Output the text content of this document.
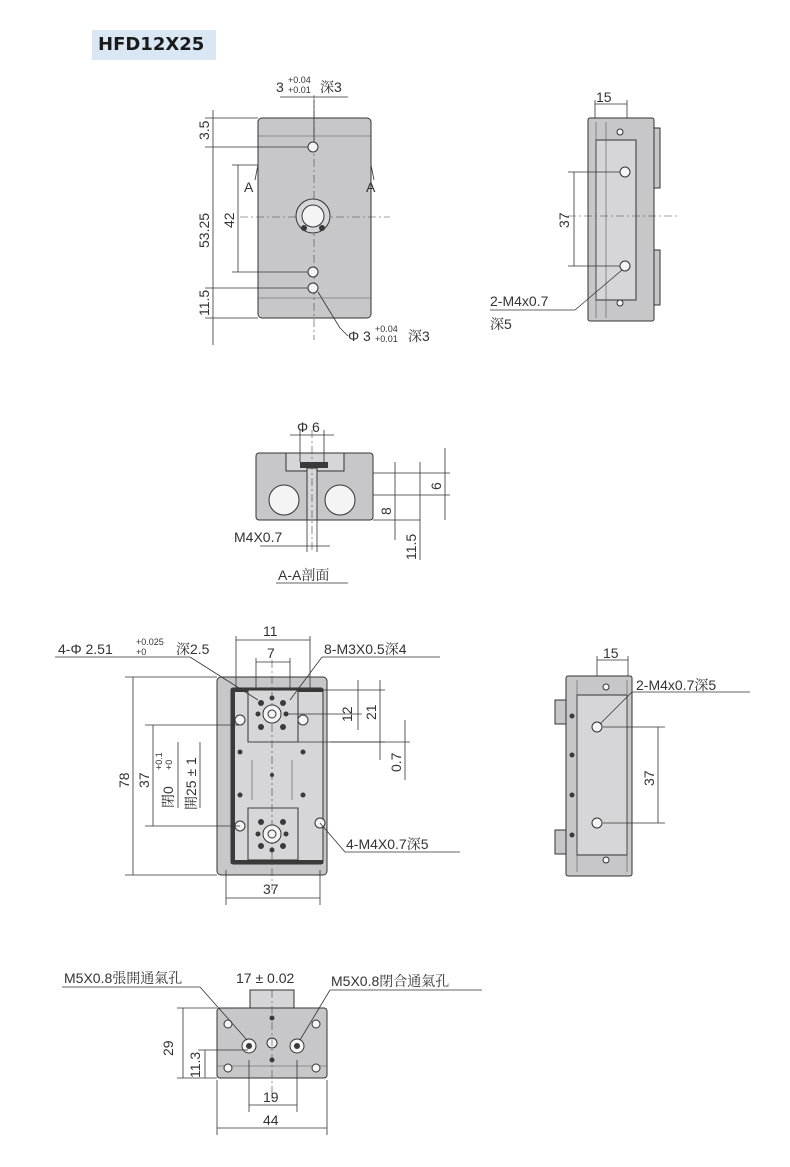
HFD12X25
3 +0.04
+0.01 深3
3.5
53.25 42
11.5
A	A
Φ 3 +0.04
+0.01 深3
15
37
2-M4x0.7
深5
Φ 6
6
8
11.5
M4X0.7
A-A剖面
4-Φ 2.51	+0.025
+0 深2.5
11
7	8-M3X0.5深4
12 21
0.7
78 37
閉0
+0.1 +0 開25 ± 1
4-M4X0.7深5
37
15
2-M4x0.7深5
37
M5X0.8張開通氣孔	M5X0.8閉合通氣孔
17 ± 0.02
29
11.3
19
44
